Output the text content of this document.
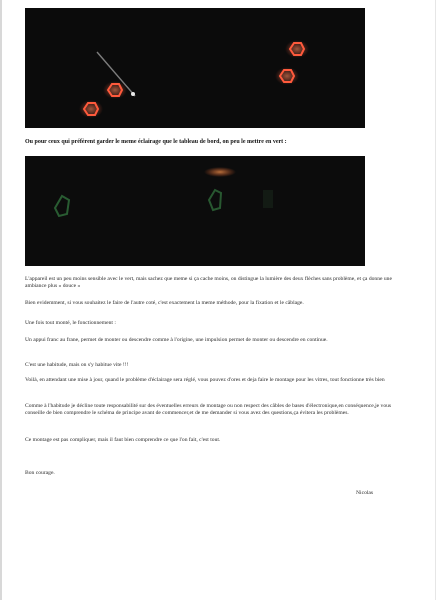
Ou pour ceux qui préfèrent garder le meme éclairage que le tableau de bord, on peu le mettre en vert :

L'appareil est un peu moins sensible avec le vert, mais sachez que meme si ça cache moins, on distingue la lumière des deux flèches sans problème, et ça donne une ambiance plus « douce »

Bien evidemment, si vous souhaitez le faire de l'autre coté, c'est exactement la meme méthode, pour la fixation et le câblage.

Une fois tout monté, le fonctionnement :

Un appui franc au frane, permet de monter ou descendre comme à l'origine, une impulsion permet de monter ou descendre en continue.

C'est une habitude, mais on s'y habitue vite !!!

Voilà, en attendant une mise à jour, quand le problème d'éclairage sera réglé, vous pouvez d'ores et deja faire le montage pour les vitres, tout fonctionne très bien

Comme à l'habitude je décline toute responsabilité sur des éventuelles erreurs de montage ou non respect des câbles de bases d'électronique,en conséquence,je vous conseille de bien comprendre le schéma de principe avant de commencer,et de me demander si vous avez des questions,ça évitera les problèmes.

Ce montage est pas compliquer, mais il faut bien comprendre ce que l'on fait, c'est tout.

Bon courage.

Nicolas
